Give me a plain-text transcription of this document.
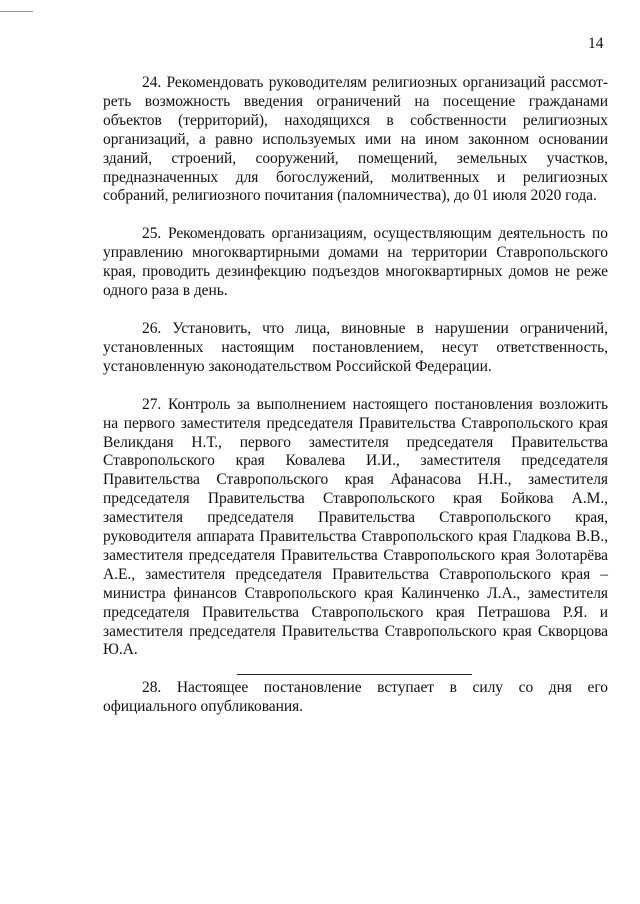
14

24. Рекомендовать руководителям религиозных организаций рассмотреть возможность введения ограничений на посещение гражданами объектов (территорий), находящихся в собственности религиозных организаций, а равно используемых ими на ином законном основании зданий, строений, сооружений, помещений, земельных участков, предназначенных для богослужений, молитвенных и религиозных собраний, религиозного почитания (паломничества), до 01 июля 2020 года.

25. Рекомендовать организациям, осуществляющим деятельность по управлению многоквартирными домами на территории Ставропольского края, проводить дезинфекцию подъездов многоквартирных домов не реже одного раза в день.

26. Установить, что лица, виновные в нарушении ограничений, установленных настоящим постановлением, несут ответственность, установленную законодательством Российской Федерации.

27. Контроль за выполнением настоящего постановления возложить на первого заместителя председателя Правительства Ставропольского края Великданя Н.Т., первого заместителя председателя Правительства Ставропольского края Ковалева И.И., заместителя председателя Правительства Ставропольского края Афанасова Н.Н., заместителя председателя Правительства Ставропольского края Бойкова А.М., заместителя председателя Правительства Ставропольского края, руководителя аппарата Правительства Ставропольского края Гладкова В.В., заместителя председателя Правительства Ставропольского края Золотарёва А.Е., заместителя председателя Правительства Ставропольского края – министра финансов Ставропольского края Калинченко Л.А., заместителя председателя Правительства Ставропольского края Петрашова Р.Я. и заместителя председателя Правительства Ставропольского края Скворцова Ю.А.

28. Настоящее постановление вступает в силу со дня его официального опубликования.
